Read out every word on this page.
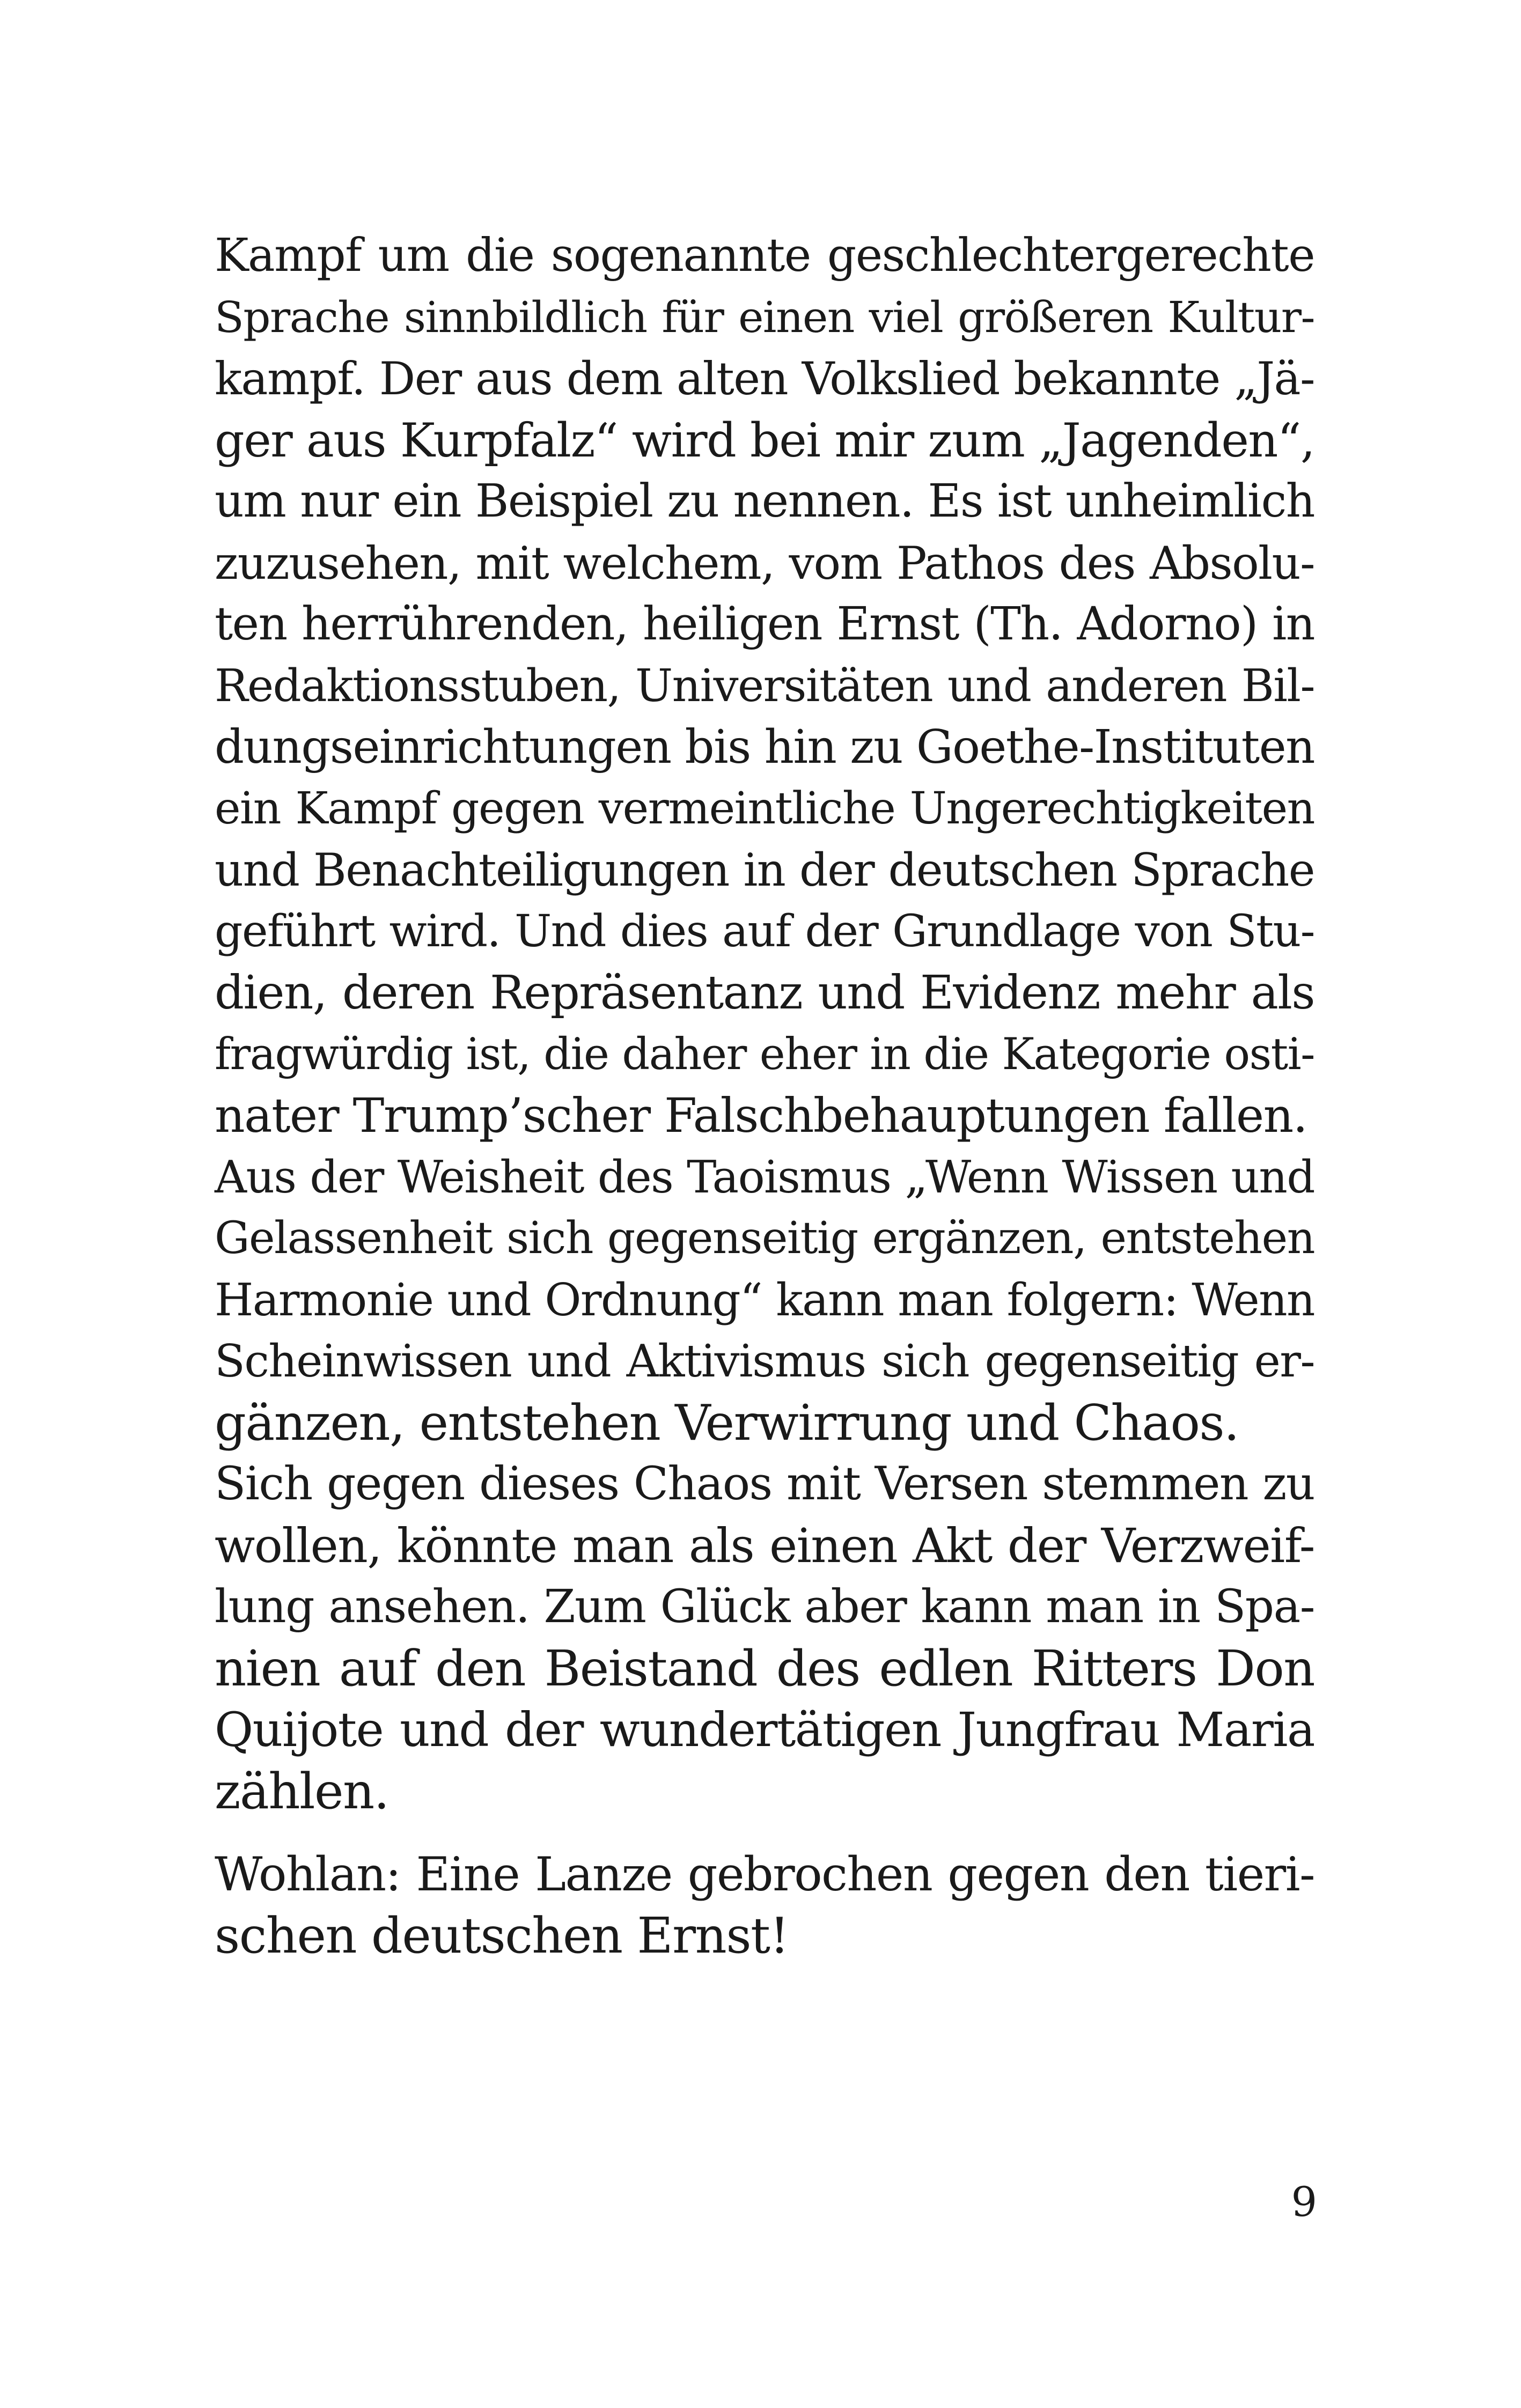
Kampf um die sogenannte geschlechtergerechte
Sprache sinnbildlich für einen viel größeren Kultur-
kampf. Der aus dem alten Volkslied bekannte „Jä-
ger aus Kurpfalz“ wird bei mir zum „Jagenden“,
um nur ein Beispiel zu nennen. Es ist unheimlich
zuzusehen, mit welchem, vom Pathos des Absolu-
ten herrührenden, heiligen Ernst (Th. Adorno) in
Redaktionsstuben, Universitäten und anderen Bil-
dungseinrichtungen bis hin zu Goethe-Instituten
ein Kampf gegen vermeintliche Ungerechtigkeiten
und Benachteiligungen in der deutschen Sprache
geführt wird. Und dies auf der Grundlage von Stu-
dien, deren Repräsentanz und Evidenz mehr als
fragwürdig ist, die daher eher in die Kategorie osti-
nater Trump’scher Falschbehauptungen fallen.
Aus der Weisheit des Taoismus „Wenn Wissen und
Gelassenheit sich gegenseitig ergänzen, entstehen
Harmonie und Ordnung“ kann man folgern: Wenn
Scheinwissen und Aktivismus sich gegenseitig er-
gänzen, entstehen Verwirrung und Chaos.
Sich gegen dieses Chaos mit Versen stemmen zu
wollen, könnte man als einen Akt der Verzweif-
lung ansehen. Zum Glück aber kann man in Spa-
nien auf den Beistand des edlen Ritters Don
Quijote und der wundertätigen Jungfrau Maria
zählen.
Wohlan: Eine Lanze gebrochen gegen den tieri-
schen deutschen Ernst!
9
